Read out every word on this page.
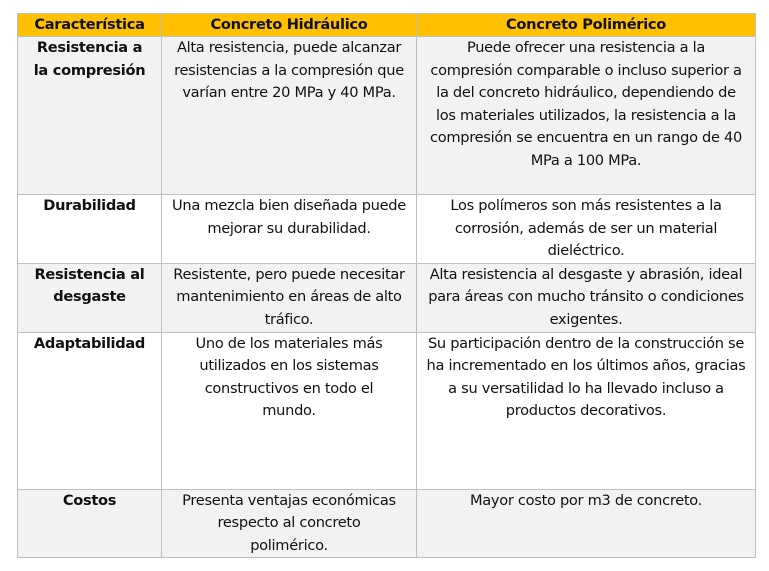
Característica	Concreto Hidráulico	Concreto Polimérico
Resistencia a la compresión	Alta resistencia, puede alcanzar resistencias a la compresión que varían entre 20 MPa y 40 MPa.	Puede ofrecer una resistencia a la compresión comparable o incluso superior a la del concreto hidráulico, dependiendo de los materiales utilizados, la resistencia a la compresión se encuentra en un rango de 40 MPa a 100 MPa.
Durabilidad	Una mezcla bien diseñada puede mejorar su durabilidad.	Los polímeros son más resistentes a la corrosión, además de ser un material dieléctrico.
Resistencia al desgaste	Resistente, pero puede necesitar mantenimiento en áreas de alto tráfico.	Alta resistencia al desgaste y abrasión, ideal para áreas con mucho tránsito o condiciones exigentes.
Adaptabilidad	Uno de los materiales más utilizados en los sistemas constructivos en todo el mundo.	Su participación dentro de la construcción se ha incrementado en los últimos años, gracias a su versatilidad lo ha llevado incluso a productos decorativos.
Costos	Presenta ventajas económicas respecto al concreto polimérico.	Mayor costo por m3 de concreto.
